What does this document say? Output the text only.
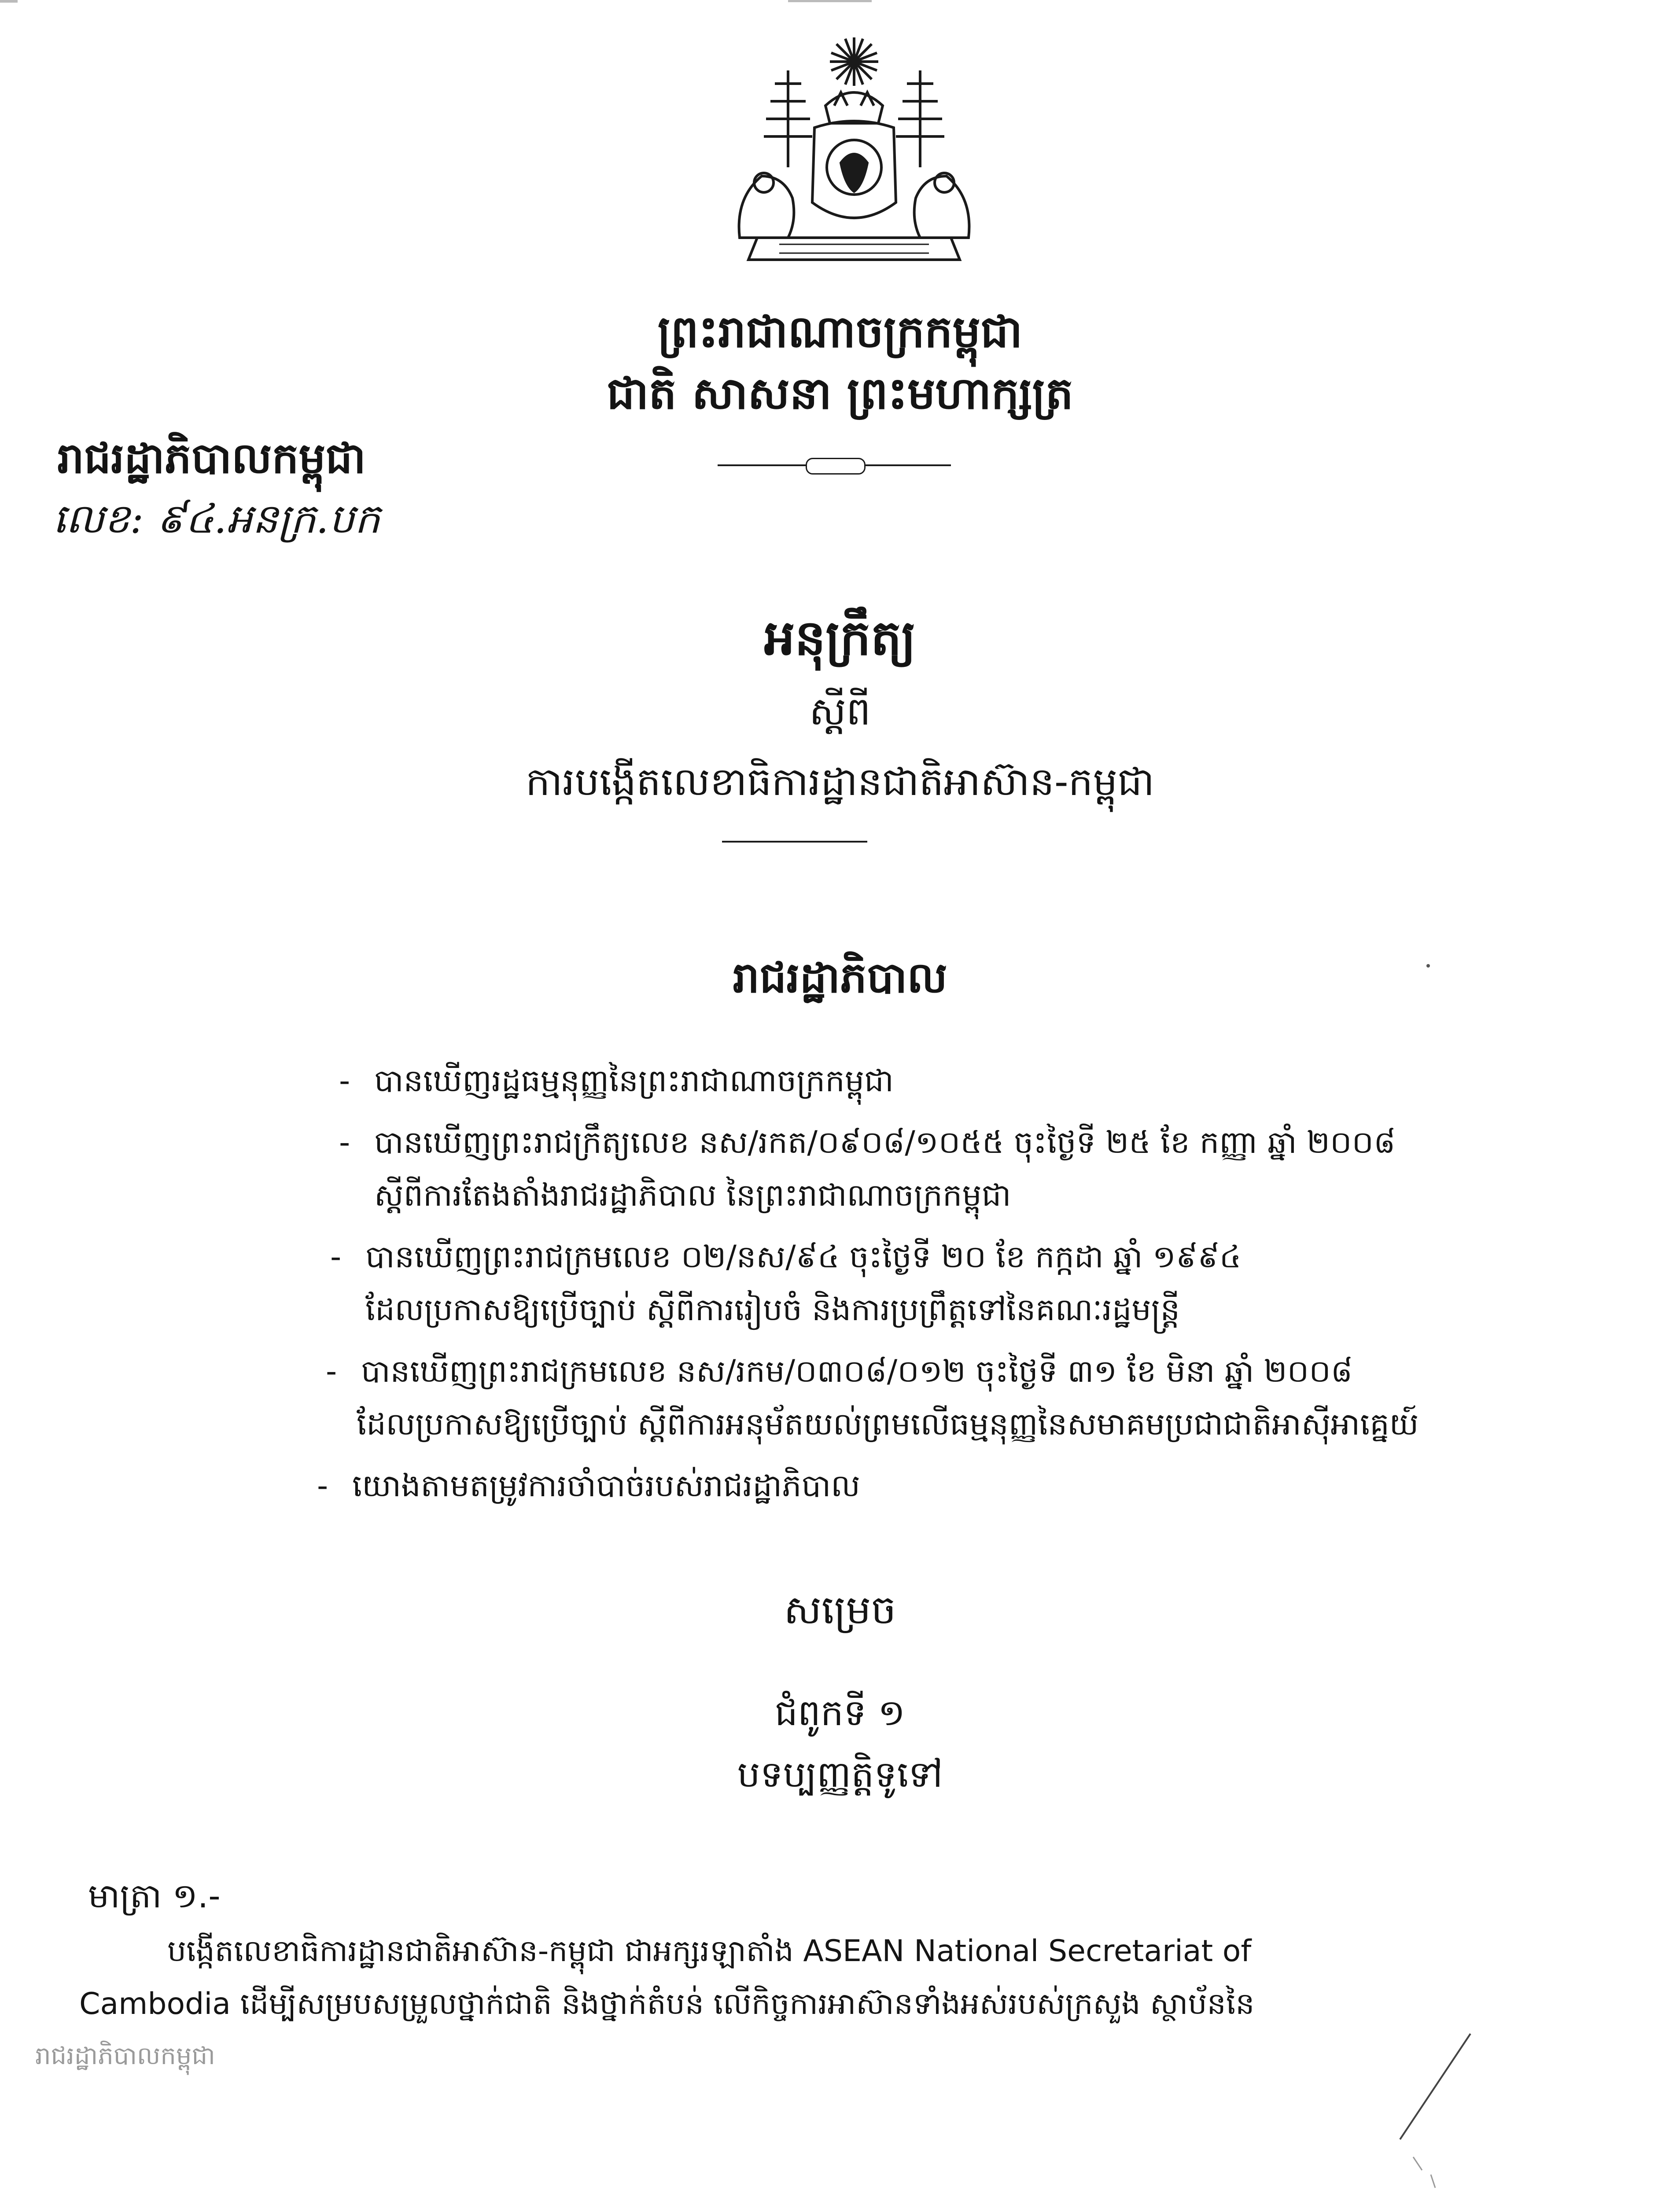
ព្រះរាជាណាចក្រកម្ពុជា
ជាតិ សាសនា ព្រះមហាក្សត្រ
រាជរដ្ឋាភិបាលកម្ពុជា
លេខ: ៩៤.អនក្រ.បក
អនុក្រឹត្យ
ស្តីពី
ការបង្កើតលេខាធិការដ្ឋានជាតិអាស៊ាន-កម្ពុជា
រាជរដ្ឋាភិបាល
- បានឃើញរដ្ឋធម្មនុញ្ញនៃព្រះរាជាណាចក្រកម្ពុជា
- បានឃើញព្រះរាជក្រឹត្យលេខ នស/រកត/០៩០៨/១០៥៥ ចុះថ្ងៃទី ២៥ ខែ កញ្ញា ឆ្នាំ ២០០៨
ស្តីពីការតែងតាំងរាជរដ្ឋាភិបាល នៃព្រះរាជាណាចក្រកម្ពុជា
- បានឃើញព្រះរាជក្រមលេខ ០២/នស/៩៤ ចុះថ្ងៃទី ២០ ខែ កក្កដា ឆ្នាំ ១៩៩៤
ដែលប្រកាសឱ្យប្រើច្បាប់ ស្តីពីការរៀបចំ និងការប្រព្រឹត្តទៅនៃគណៈរដ្ឋមន្ត្រី
- បានឃើញព្រះរាជក្រមលេខ នស/រកម/០៣០៨/០១២ ចុះថ្ងៃទី ៣១ ខែ មិនា ឆ្នាំ ២០០៨
ដែលប្រកាសឱ្យប្រើច្បាប់ ស្តីពីការអនុម័តយល់ព្រមលើធម្មនុញ្ញនៃសមាគមប្រជាជាតិអាស៊ីអាគ្នេយ៍
- យោងតាមតម្រូវការចាំបាច់របស់រាជរដ្ឋាភិបាល
សម្រេច
ជំពូកទី ១
បទប្បញ្ញត្តិទូទៅ
មាត្រា ១.-
បង្កើតលេខាធិការដ្ឋានជាតិអាស៊ាន-កម្ពុជា ជាអក្សរឡាតាំង ASEAN National Secretariat of
Cambodia ដើម្បីសម្របសម្រួលថ្នាក់ជាតិ និងថ្នាក់តំបន់ លើកិច្ចការអាស៊ានទាំងអស់របស់ក្រសួង ស្ថាប័ននៃ
រាជរដ្ឋាភិបាលកម្ពុជា
